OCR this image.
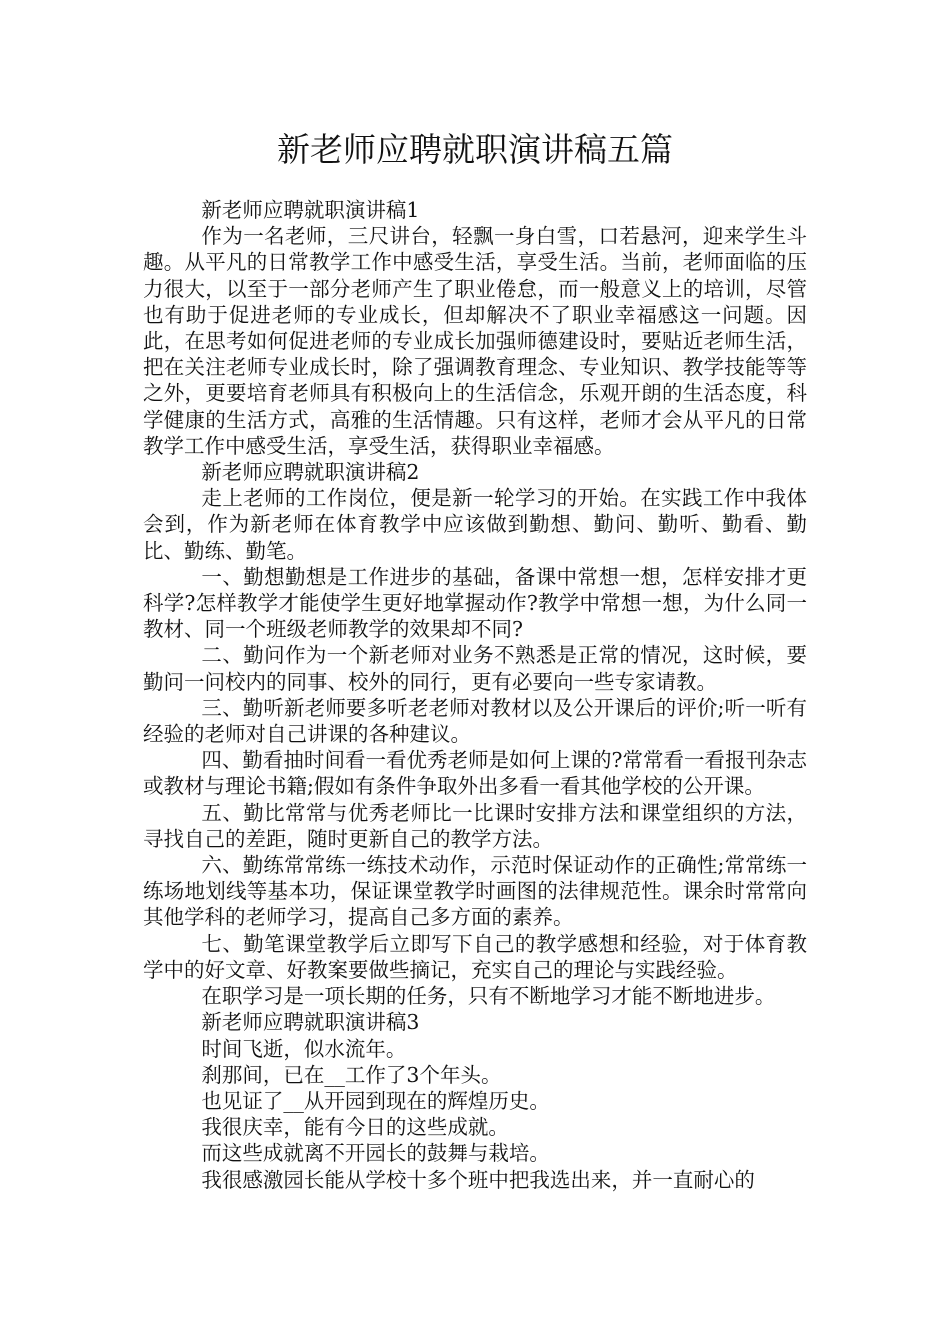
新老师应聘就职演讲稿五篇

新老师应聘就职演讲稿1

作为一名老师，三尺讲台，轻飘一身白雪，口若悬河，迎来学生斗趣。从平凡的日常教学工作中感受生活，享受生活。当前，老师面临的压力很大，以至于一部分老师产生了职业倦怠，而一般意义上的培训，尽管也有助于促进老师的专业成长，但却解决不了职业幸福感这一问题。因此，在思考如何促进老师的专业成长加强师德建设时，要贴近老师生活，把在关注老师专业成长时，除了强调教育理念、专业知识、教学技能等等之外，更要培育老师具有积极向上的生活信念，乐观开朗的生活态度，科学健康的生活方式，高雅的生活情趣。只有这样，老师才会从平凡的日常教学工作中感受生活，享受生活，获得职业幸福感。

新老师应聘就职演讲稿2

走上老师的工作岗位，便是新一轮学习的开始。在实践工作中我体会到，作为新老师在体育教学中应该做到勤想、勤问、勤听、勤看、勤比、勤练、勤笔。

一、勤想勤想是工作进步的基础，备课中常想一想，怎样安排才更科学?怎样教学才能使学生更好地掌握动作?教学中常想一想，为什么同一教材、同一个班级老师教学的效果却不同?

二、勤问作为一个新老师对业务不熟悉是正常的情况，这时候，要勤问一问校内的同事、校外的同行，更有必要向一些专家请教。

三、勤听新老师要多听老老师对教材以及公开课后的评价;听一听有经验的老师对自己讲课的各种建议。

四、勤看抽时间看一看优秀老师是如何上课的?常常看一看报刊杂志或教材与理论书籍;假如有条件争取外出多看一看其他学校的公开课。

五、勤比常常与优秀老师比一比课时安排方法和课堂组织的方法，寻找自己的差距，随时更新自己的教学方法。

六、勤练常常练一练技术动作，示范时保证动作的正确性;常常练一练场地划线等基本功，保证课堂教学时画图的法律规范性。课余时常常向其他学科的老师学习，提高自己多方面的素养。

七、勤笔课堂教学后立即写下自己的教学感想和经验，对于体育教学中的好文章、好教案要做些摘记，充实自己的理论与实践经验。

在职学习是一项长期的任务，只有不断地学习才能不断地进步。

新老师应聘就职演讲稿3

时间飞逝，似水流年。

刹那间，已在__工作了3个年头。

也见证了__从开园到现在的辉煌历史。

我很庆幸，能有今日的这些成就。

而这些成就离不开园长的鼓舞与栽培。

我很感激园长能从学校十多个班中把我选出来，并一直耐心的
